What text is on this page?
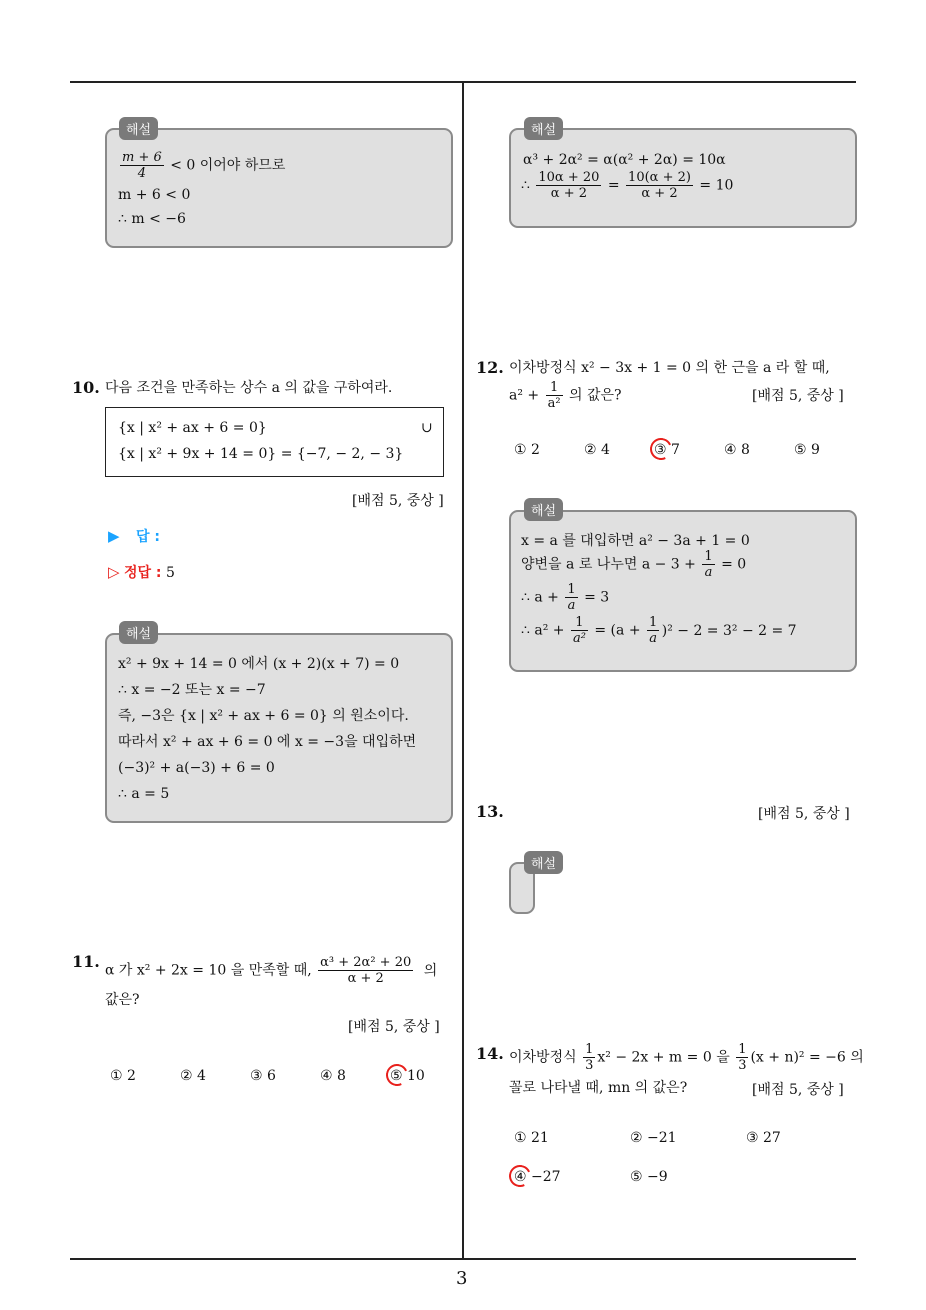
3
해설
$\frac{m + 6}{4} < 0$ 이어야 하므로
m + 6 < 0
∴ m < −6
10. 다음 조건을 만족하는 상수 a 의 값을 구하여라.
{x | x² + ax + 6 = 0}	∪
{x | x² + 9x + 14 = 0} = {−7, − 2, − 3}
[배점 5, 중상 ]
▶ 답 :
▷ 정답 : 5
해설
x² + 9x + 14 = 0 에서 (x + 2)(x + 7) = 0
∴ x = −2 또는 x = −7
즉, −3은 {x | x² + ax + 6 = 0} 의 원소이다.
따라서 x² + ax + 6 = 0 에 x = −3을 대입하면
(−3)² + a(−3) + 6 = 0
∴ a = 5
11. α 가 x² + 2x = 10 을 만족할 때, $\frac{\text{α³ + 2α² + 20}}{\alpha + 2}$ 의
값은?
[배점 5, 중상 ]
① 2	② 4	③ 6	④ 8	⑤ 10
해설
α³ + 2α² = α(α² + 2α) = 10α
∴ $\frac{10\alpha + 20}{\alpha + 2} = \frac{10(\alpha + 2)}{\alpha + 2} = 10$
12. 이차방정식 x² − 3x + 1 = 0 의 한 근을 a 라 할 때,
$a^2 + \frac{1}{\text{a²}}$ 의 값은?	[배점 5, 중상 ]
① 2	② 4	③ 7	④ 8	⑤ 9
해설
x = a 를 대입하면 a² − 3a + 1 = 0
양변을 a 로 나누면 $a - 3 + \frac{1}{a} = 0$
∴ $a + \frac{1}{a} = 3$
∴ $a^2 + \frac{1}{\text{a²}} = (a + \frac{1}{a} )^2 - 2 = 3^2 - 2 = 7$
13.	[배점 5, 중상 ]
해설
14. 이차방정식 $\frac{1}{3} x^2 - 2x + m = 0$ 을 $\frac{1}{3} (x + n)^2 = -6$ 의
꼴로 나타낼 때, mn 의 값은?	[배점 5, 중상 ]
① 21	② −21	③ 27
④ −27	⑤ −9
